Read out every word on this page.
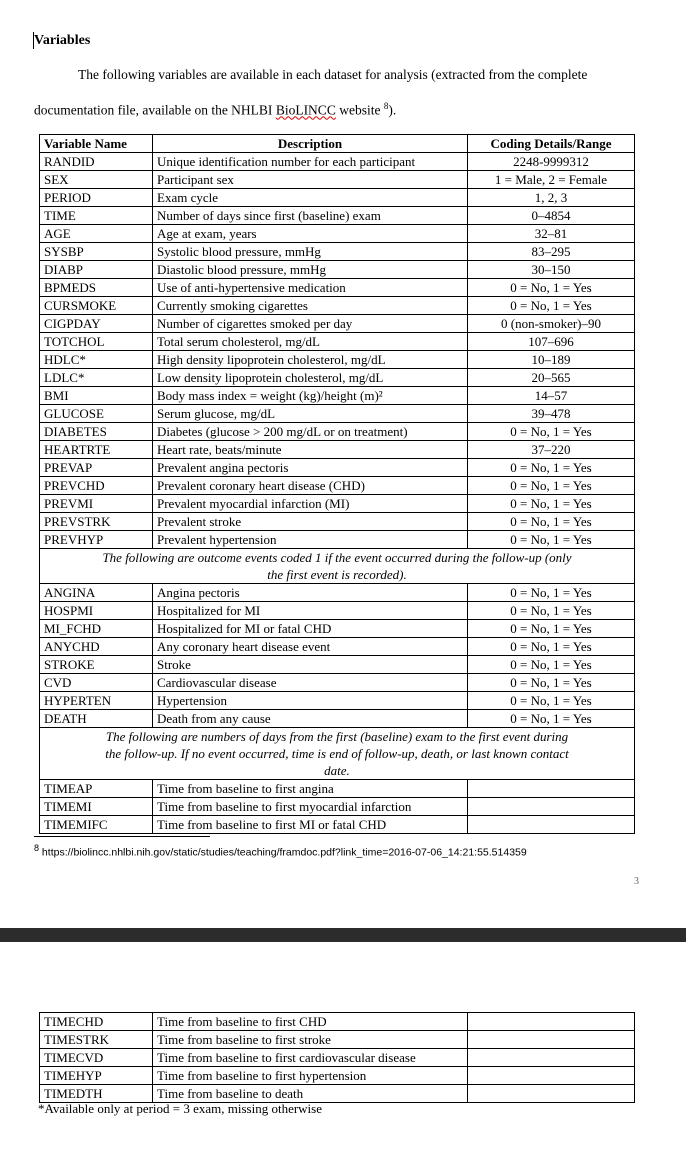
Variables
The following variables are available in each dataset for analysis (extracted from the complete
documentation file, available on the NHLBI BioLINCC website $^8$).
Variable Name	Description	Coding Details/Range
RANDID	Unique identification number for each participant	2248-9999312
SEX	Participant sex	1 = Male, 2 = Female
PERIOD	Exam cycle	1, 2, 3
TIME	Number of days since first (baseline) exam	0–4854
AGE	Age at exam, years	32–81
SYSBP	Systolic blood pressure, mmHg	83–295
DIABP	Diastolic blood pressure, mmHg	30–150
BPMEDS	Use of anti-hypertensive medication	0 = No, 1 = Yes
CURSMOKE	Currently smoking cigarettes	0 = No, 1 = Yes
CIGPDAY	Number of cigarettes smoked per day	0 (non-smoker)–90
TOTCHOL	Total serum cholesterol, mg/dL	107–696
HDLC*	High density lipoprotein cholesterol, mg/dL	10–189
LDLC*	Low density lipoprotein cholesterol, mg/dL	20–565
BMI	Body mass index = weight (kg)/height (m)²	14–57
GLUCOSE	Serum glucose, mg/dL	39–478
DIABETES	Diabetes (glucose > 200 mg/dL or on treatment)	0 = No, 1 = Yes
HEARTRTE	Heart rate, beats/minute	37–220
PREVAP	Prevalent angina pectoris	0 = No, 1 = Yes
PREVCHD	Prevalent coronary heart disease (CHD)	0 = No, 1 = Yes
PREVMI	Prevalent myocardial infarction (MI)	0 = No, 1 = Yes
PREVSTRK	Prevalent stroke	0 = No, 1 = Yes
PREVHYP	Prevalent hypertension	0 = No, 1 = Yes
The following are outcome events coded 1 if the event occurred during the follow-up (only the first event is recorded).		
ANGINA	Angina pectoris	0 = No, 1 = Yes
HOSPMI	Hospitalized for MI	0 = No, 1 = Yes
MI_FCHD	Hospitalized for MI or fatal CHD	0 = No, 1 = Yes
ANYCHD	Any coronary heart disease event	0 = No, 1 = Yes
STROKE	Stroke	0 = No, 1 = Yes
CVD	Cardiovascular disease	0 = No, 1 = Yes
HYPERTEN	Hypertension	0 = No, 1 = Yes
DEATH	Death from any cause	0 = No, 1 = Yes
The following are numbers of days from the first (baseline) exam to the first event during the follow-up. If no event occurred, time is end of follow-up, death, or last known contact date.		
TIMEAP	Time from baseline to first angina	
TIMEMI	Time from baseline to first myocardial infarction	
TIMEMIFC	Time from baseline to first MI or fatal CHD	
$^8$ https://biolincc.nhlbi.nih.gov/static/studies/teaching/framdoc.pdf?link_time=2016-07-06_14:21:55.514359
3
TIMECHD	Time from baseline to first CHD	
TIMESTRK	Time from baseline to first stroke	
TIMECVD	Time from baseline to first cardiovascular disease	
TIMEHYP	Time from baseline to first hypertension	
TIMEDTH	Time from baseline to death	
*Available only at period = 3 exam, missing otherwise
